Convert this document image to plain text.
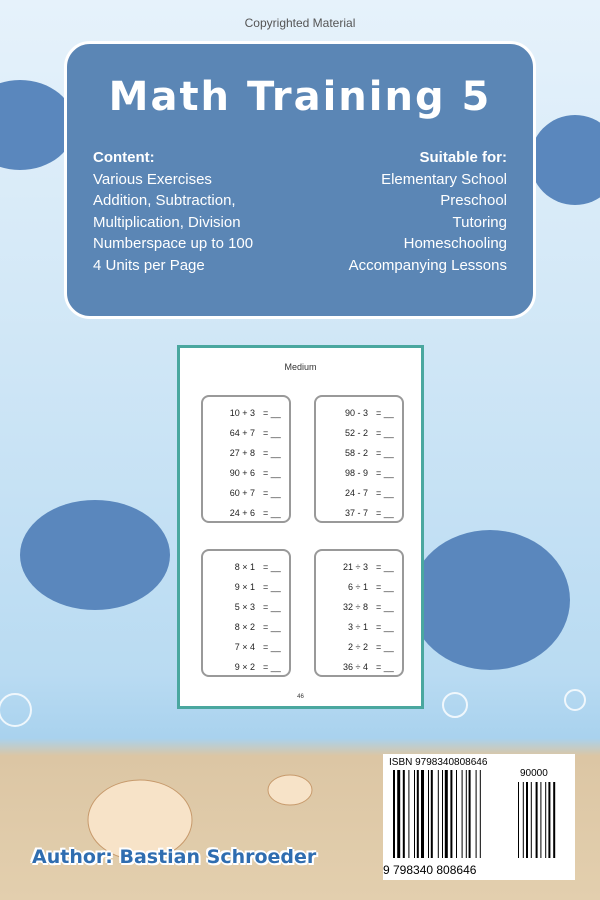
Copyrighted Material
Math Training 5
Content:
Various Exercises
Addition, Subtraction,
Multiplication, Division
Numberspace up to 100
4 Units per Page
Suitable for:
Elementary School
Preschool
Tutoring
Homeschooling
Accompanying Lessons
Medium
10 + 3 = __
64 + 7 = __
27 + 8 = __
90 + 6 = __
60 + 7 = __
24 + 6 = __
90 - 3 = __
52 - 2 = __
58 - 2 = __
98 - 9 = __
24 - 7 = __
37 - 7 = __
8 × 1 = __
9 × 1 = __
5 × 3 = __
8 × 2 = __
7 × 4 = __
9 × 2 = __
21 ÷ 3 = __
6 ÷ 1 = __
32 ÷ 8 = __
3 ÷ 1 = __
2 ÷ 2 = __
36 ÷ 4 = __
46
ISBN 9798340808646
90000
9 798340 808646
Author: Bastian Schroeder
